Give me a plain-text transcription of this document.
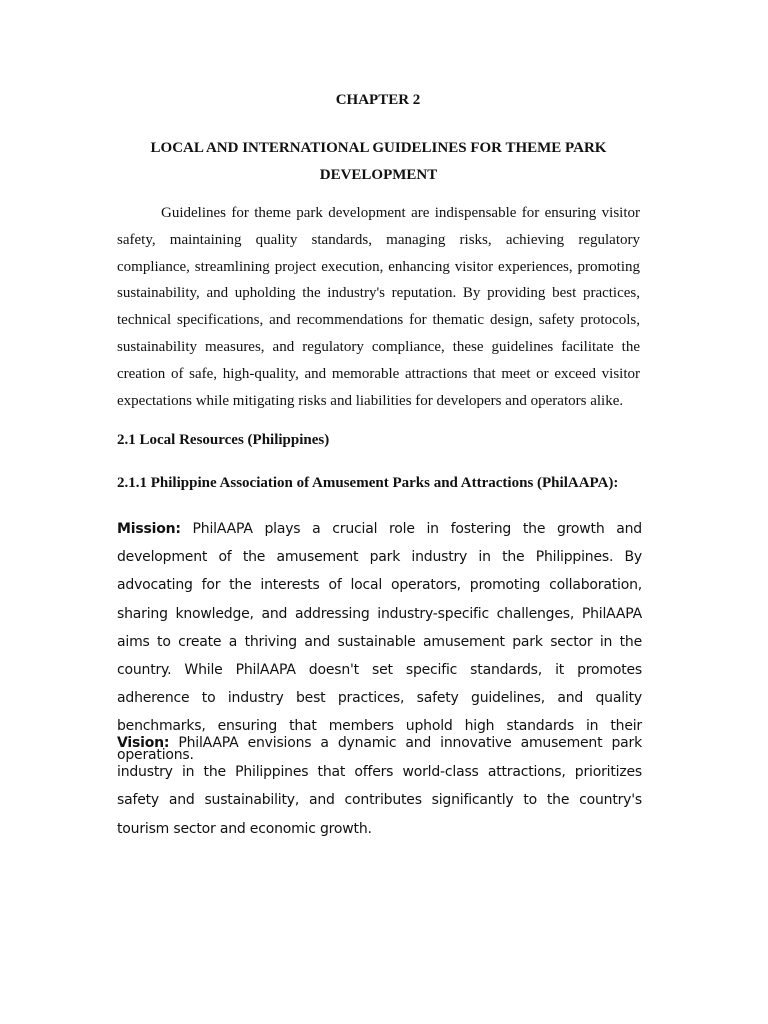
CHAPTER 2

LOCAL AND INTERNATIONAL GUIDELINES FOR THEME PARK DEVELOPMENT

Guidelines for theme park development are indispensable for ensuring visitor safety, maintaining quality standards, managing risks, achieving regulatory compliance, streamlining project execution, enhancing visitor experiences, promoting sustainability, and upholding the industry's reputation. By providing best practices, technical specifications, and recommendations for thematic design, safety protocols, sustainability measures, and regulatory compliance, these guidelines facilitate the creation of safe, high-quality, and memorable attractions that meet or exceed visitor expectations while mitigating risks and liabilities for developers and operators alike.

2.1 Local Resources (Philippines)

2.1.1 Philippine Association of Amusement Parks and Attractions (PhilAAPA):

Mission: PhilAAPA plays a crucial role in fostering the growth and development of the amusement park industry in the Philippines. By advocating for the interests of local operators, promoting collaboration, sharing knowledge, and addressing industry-specific challenges, PhilAAPA aims to create a thriving and sustainable amusement park sector in the country. While PhilAAPA doesn't set specific standards, it promotes adherence to industry best practices, safety guidelines, and quality benchmarks, ensuring that members uphold high standards in their operations.

Vision: PhilAAPA envisions a dynamic and innovative amusement park industry in the Philippines that offers world-class attractions, prioritizes safety and sustainability, and contributes significantly to the country's tourism sector and economic growth.
